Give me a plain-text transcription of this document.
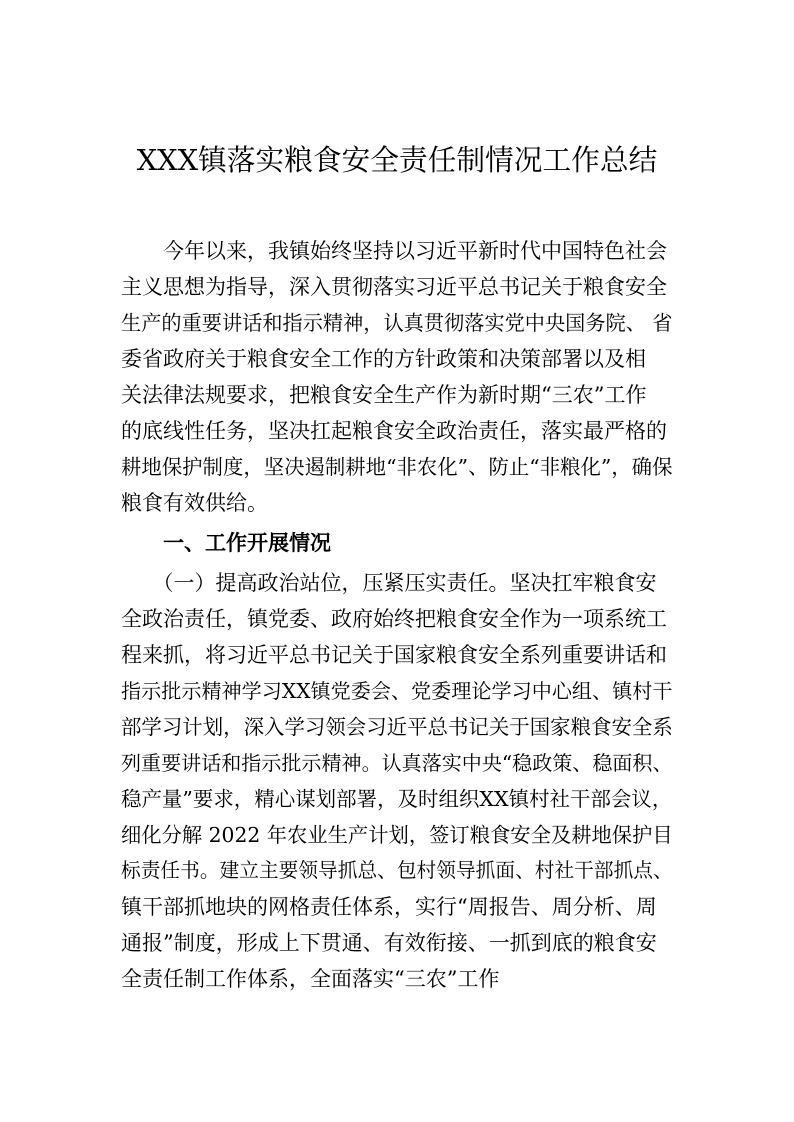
XXX镇落实粮食安全责任制情况工作总结
　　今年以来，我镇始终坚持以习近平新时代中国特色社会
主义思想为指导，深入贯彻落实习近平总书记关于粮食安全
生产的重要讲话和指示精神，认真贯彻落实党中央国务院、 省
委省政府关于粮食安全工作的方针政策和决策部署以及相
关法律法规要求，把粮食安全生产作为新时期“三农”工作
的底线性任务，坚决扛起粮食安全政治责任，落实最严格的
耕地保护制度，坚决遏制耕地“非农化”、防止“非粮化”，确保
粮食有效供给。
　　一、工作开展情况
　　（一）提高政治站位，压紧压实责任。坚决扛牢粮食安
全政治责任，镇党委、政府始终把粮食安全作为一项系统工
程来抓，将习近平总书记关于国家粮食安全系列重要讲话和
指示批示精神学习XX镇党委会、党委理论学习中心组、镇村干
部学习计划，深入学习领会习近平总书记关于国家粮食安全系
列重要讲话和指示批示精神。认真落实中央“稳政策、稳面积、
稳产量”要求，精心谋划部署，及时组织XX镇村社干部会议，
细化分解 2022 年农业生产计划，签订粮食安全及耕地保护目
标责任书。建立主要领导抓总、包村领导抓面、村社干部抓点、
镇干部抓地块的网格责任体系，实行“周报告、周分析、周
通报”制度，形成上下贯通、有效衔接、一抓到底的粮食安
全责任制工作体系，全面落实“三农”工作
